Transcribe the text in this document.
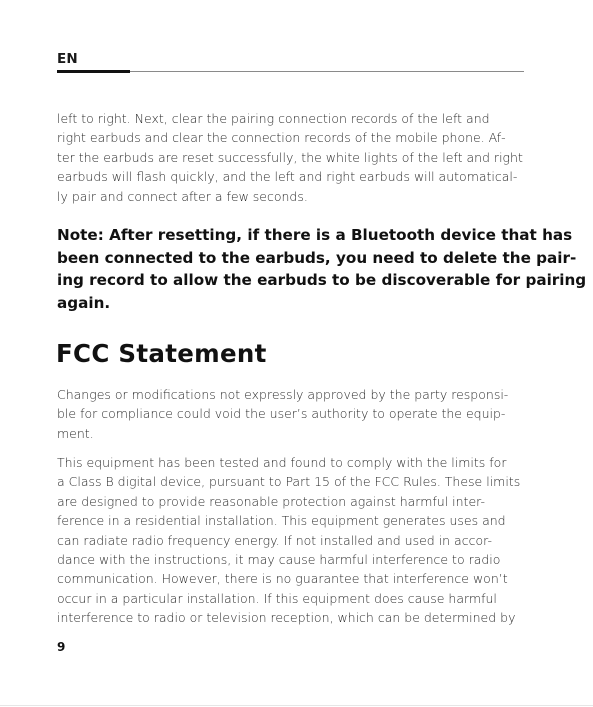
EN

left to right. Next, clear the pairing connection records of the left and
right earbuds and clear the connection records of the mobile phone. Af-
ter the earbuds are reset successfully, the white lights of the left and right
earbuds will flash quickly, and the left and right earbuds will automatical-
ly pair and connect after a few seconds.

Note: After resetting, if there is a Bluetooth device that has
been connected to the earbuds, you need to delete the pair-
ing record to allow the earbuds to be discoverable for pairing
again.

FCC Statement

Changes or modifications not expressly approved by the party responsi-
ble for compliance could void the user’s authority to operate the equip-
ment.

This equipment has been tested and found to comply with the limits for
a Class B digital device, pursuant to Part 15 of the FCC Rules. These limits
are designed to provide reasonable protection against harmful inter-
ference in a residential installation. This equipment generates uses and
can radiate radio frequency energy. If not installed and used in accor-
dance with the instructions, it may cause harmful interference to radio
communication. However, there is no guarantee that interference won’t
occur in a particular installation. If this equipment does cause harmful
interference to radio or television reception, which can be determined by

9
